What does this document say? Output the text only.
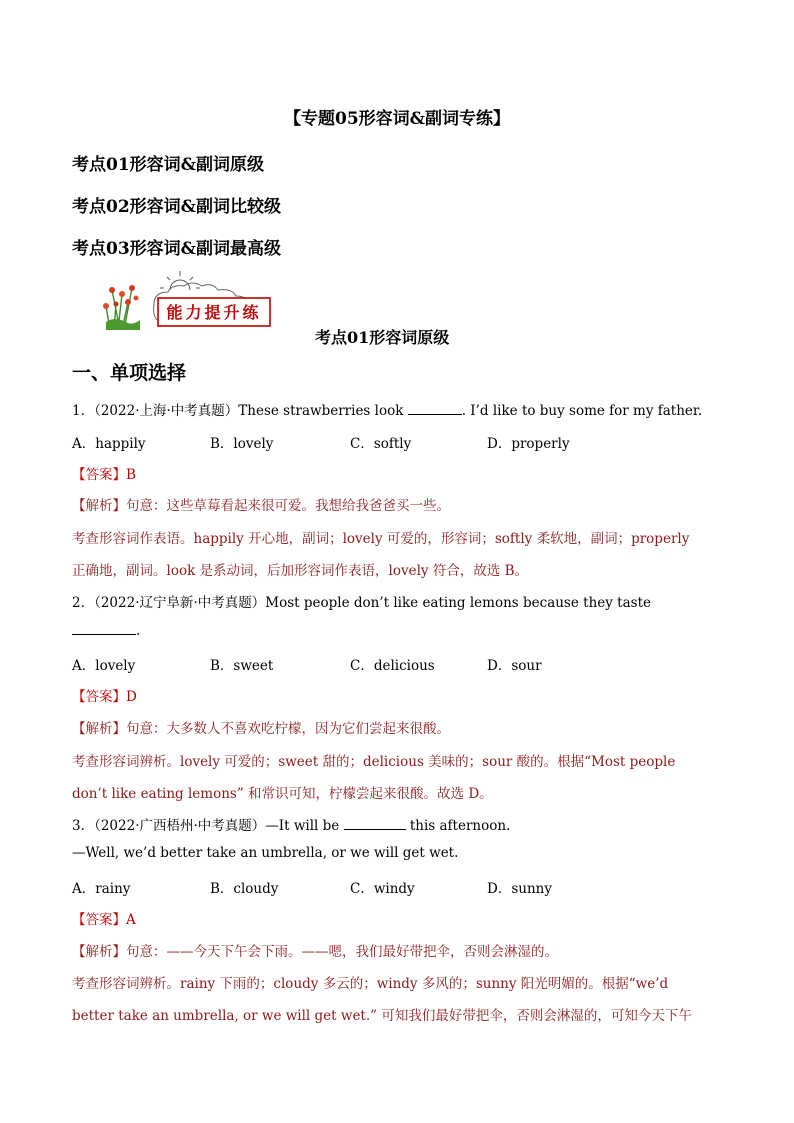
【专题05形容词&副词专练】
考点01形容词&副词原级
考点02形容词&副词比较级
考点03形容词&副词最高级
能力提升练
考点01形容词原级
一、单项选择
1．（2022·上海·中考真题）These strawberries look	. I’d like to buy some for my father.
A．happily	B．lovely	C．softly	D．properly
【答案】B
【解析】句意：这些草莓看起来很可爱。我想给我爸爸买一些。
考查形容词作表语。happily 开心地，副词；lovely 可爱的，形容词；softly 柔软地，副词；properly
正确地，副词。look 是系动词，后加形容词作表语，lovely 符合，故选 B。
2．（2022·辽宁阜新·中考真题）Most people don’t like eating lemons because they taste
.
A．lovely	B．sweet	C．delicious	D．sour
【答案】D
【解析】句意：大多数人不喜欢吃柠檬，因为它们尝起来很酸。
考查形容词辨析。lovely 可爱的；sweet 甜的；delicious 美味的；sour 酸的。根据“Most people
don’t like eating lemons” 和常识可知，柠檬尝起来很酸。故选 D。
3．（2022·广西梧州·中考真题）—It will be	this afternoon.
—Well, we’d better take an umbrella, or we will get wet.
A．rainy	B．cloudy	C．windy	D．sunny
【答案】A
【解析】句意：——今天下午会下雨。——嗯，我们最好带把伞，否则会淋湿的。
考查形容词辨析。rainy 下雨的；cloudy 多云的；windy 多风的；sunny 阳光明媚的。根据“we’d
better take an umbrella, or we will get wet.” 可知我们最好带把伞，否则会淋湿的，可知今天下午
